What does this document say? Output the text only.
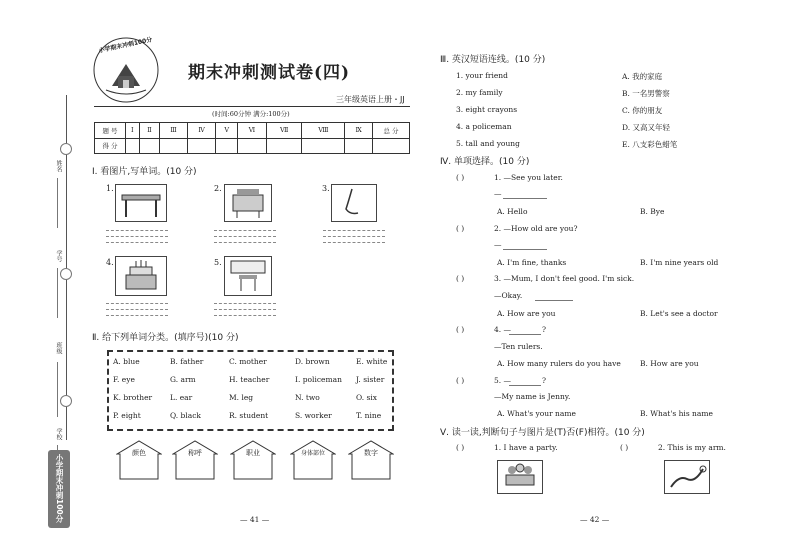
姓名
学号
班级
学校
小学期末冲刺100分
小学期末冲刺100分
期末冲刺测试卷(四)
三年级英语上册・JJ
(时间:60分钟 满分:100分)
题 号	Ⅰ	Ⅱ	Ⅲ	Ⅳ	Ⅴ	Ⅵ	Ⅶ	Ⅷ	Ⅸ	总 分
得 分										
Ⅰ. 看图片,写单词。(10 分)
1.	2.	3.
4.	5.
Ⅱ. 给下列单词分类。(填序号)(10 分)
A. blue	B. father	C. mother	D. brown	E. white
F. eye	G. arm	H. teacher	I. policeman J. sister
K. brother L. ear	M. leg	N. two	O. six
P. eight	Q. black	R. student	S. worker	T. nine
颜色	称呼	职业	身体部位	数字
— 41 —
Ⅲ. 英汉短语连线。(10 分)
1. your friend
2. my family
3. eight crayons
4. a policeman
5. tall and young
A. 我的家庭
B. 一名男警察
C. 你的朋友
D. 又高又年轻
E. 八支彩色蜡笔
Ⅳ. 单项选择。(10 分)
( )	1. —See you later.
—
A. Hello	B. Bye
( )	2. —How old are you?
—
A. I'm fine, thanks	B. I'm nine years old
( )	3. —Mum, I don't feel good. I'm sick.
—Okay.
A. How are you	B. Let's see a doctor
( )	4. —	?
—Ten rulers.
A. How many rulers do you have	B. How are you
( )	5. —	?
—My name is Jenny.
A. What's your name	B. What's his name
Ⅴ. 读一读,判断句子与图片是(T)否(F)相符。(10 分)
( )	1. I have a party.	( )	2. This is my arm.
— 42 —
